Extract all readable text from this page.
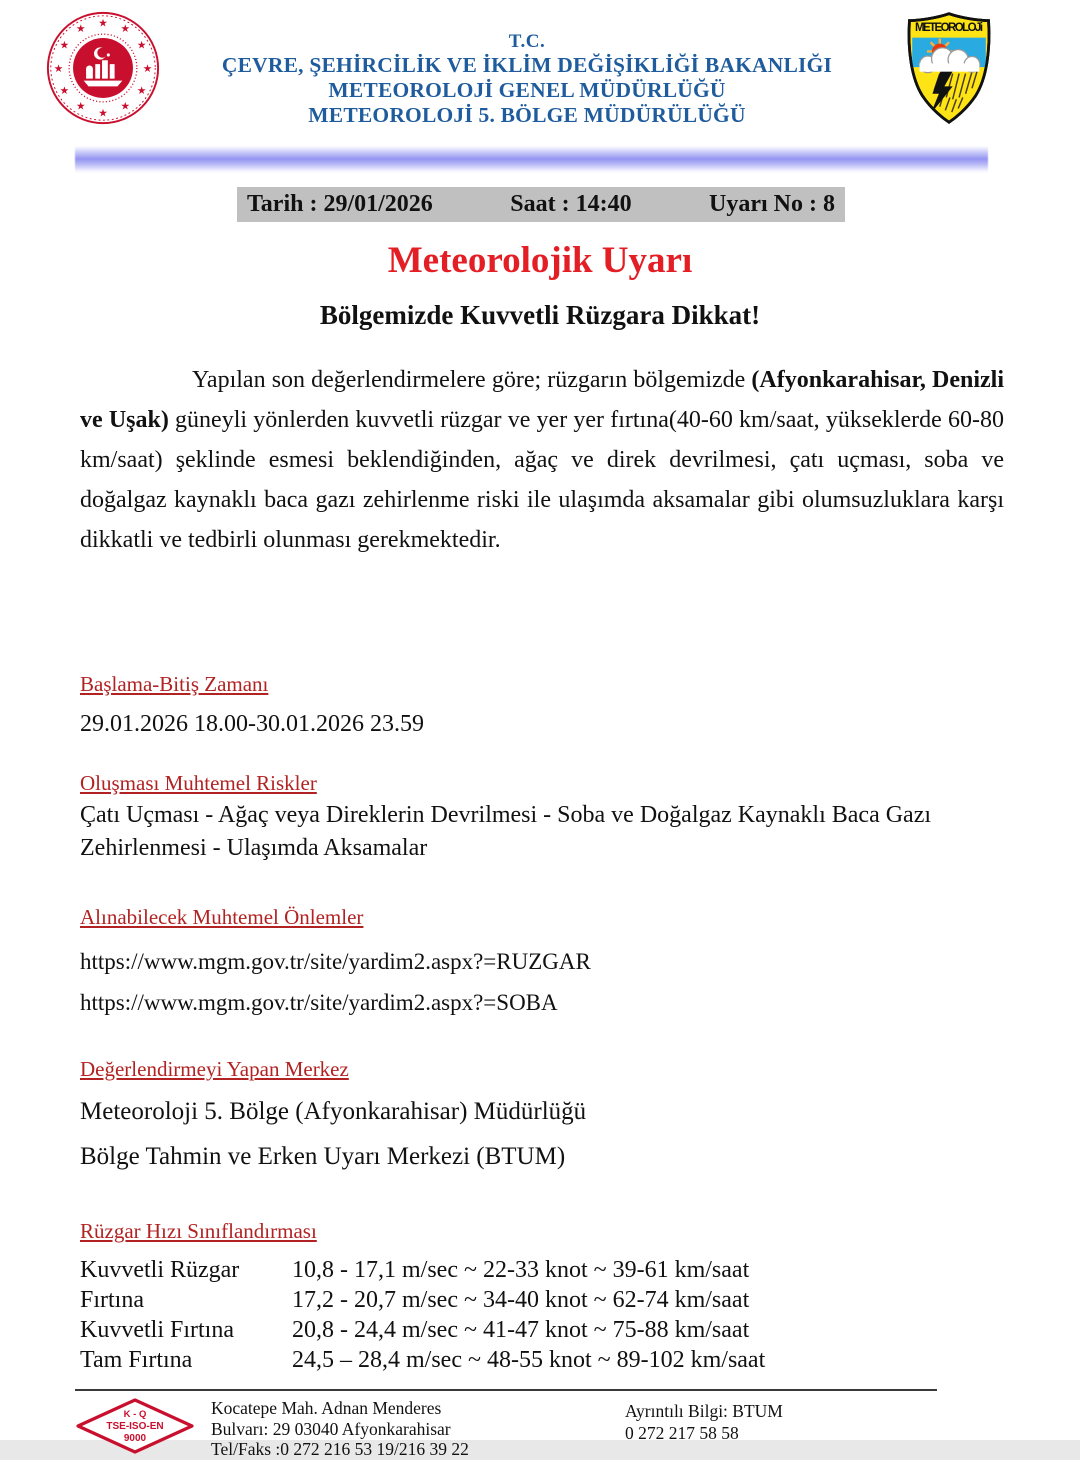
★ ★
★
★
★
★
★
★
★
★
★
★
T.C.
ÇEVRE, ŞEHİRCİLİK VE İKLİM DEĞİŞİKLİĞİ BAKANLIĞI
METEOROLOJİ GENEL MÜDÜRLÜĞÜ
METEOROLOJİ 5. BÖLGE MÜDÜRÜLÜĞÜ
METEOROLOJi
Tarih : 29/01/2026	Saat : 14:40	Uyarı No : 8
Meteorolojik Uyarı
Bölgemizde Kuvvetli Rüzgara Dikkat!

Yapılan son değerlendirmelere göre; rüzgarın bölgemizde (Afyonkarahisar, Denizli ve Uşak) güneyli yönlerden kuvvetli rüzgar ve yer yer fırtına(40-60 km/saat, yükseklerde 60-80 km/saat) şeklinde esmesi beklendiğinden, ağaç ve direk devrilmesi, çatı uçması, soba ve doğalgaz kaynaklı baca gazı zehirlenme riski ile ulaşımda aksamalar gibi olumsuzluklara karşı dikkatli ve tedbirli olunması gerekmektedir.

Başlama-Bitiş Zamanı
29.01.2026 18.00-30.01.2026 23.59
Oluşması Muhtemel Riskler
Çatı Uçması - Ağaç veya Direklerin Devrilmesi - Soba ve Doğalgaz Kaynaklı Baca Gazı Zehirlenmesi - Ulaşımda Aksamalar
Alınabilecek Muhtemel Önlemler
https://www.mgm.gov.tr/site/yardim2.aspx?=RUZGAR
https://www.mgm.gov.tr/site/yardim2.aspx?=SOBA
Değerlendirmeyi Yapan Merkez
Meteoroloji 5. Bölge (Afyonkarahisar) Müdürlüğü
Bölge Tahmin ve Erken Uyarı Merkezi (BTUM)
Rüzgar Hızı Sınıflandırması
Kuvvetli Rüzgar	10,8 - 17,1 m/sec ~ 22-33 knot ~ 39-61 km/saat
Fırtına	17,2 - 20,7 m/sec ~ 34-40 knot ~ 62-74 km/saat
Kuvvetli Fırtına	20,8 - 24,4 m/sec ~ 41-47 knot ~ 75-88 km/saat
Tam Fırtına	24,5 – 28,4 m/sec ~ 48-55 knot ~ 89-102 km/saat
K - Q
TSE-ISO-EN
9000
Kocatepe Mah. Adnan Menderes
Bulvarı: 29 03040 Afyonkarahisar
Tel/Faks :0 272 216 53 19/216 39 22
Ayrıntılı Bilgi: BTUM
0 272 217 58 58
